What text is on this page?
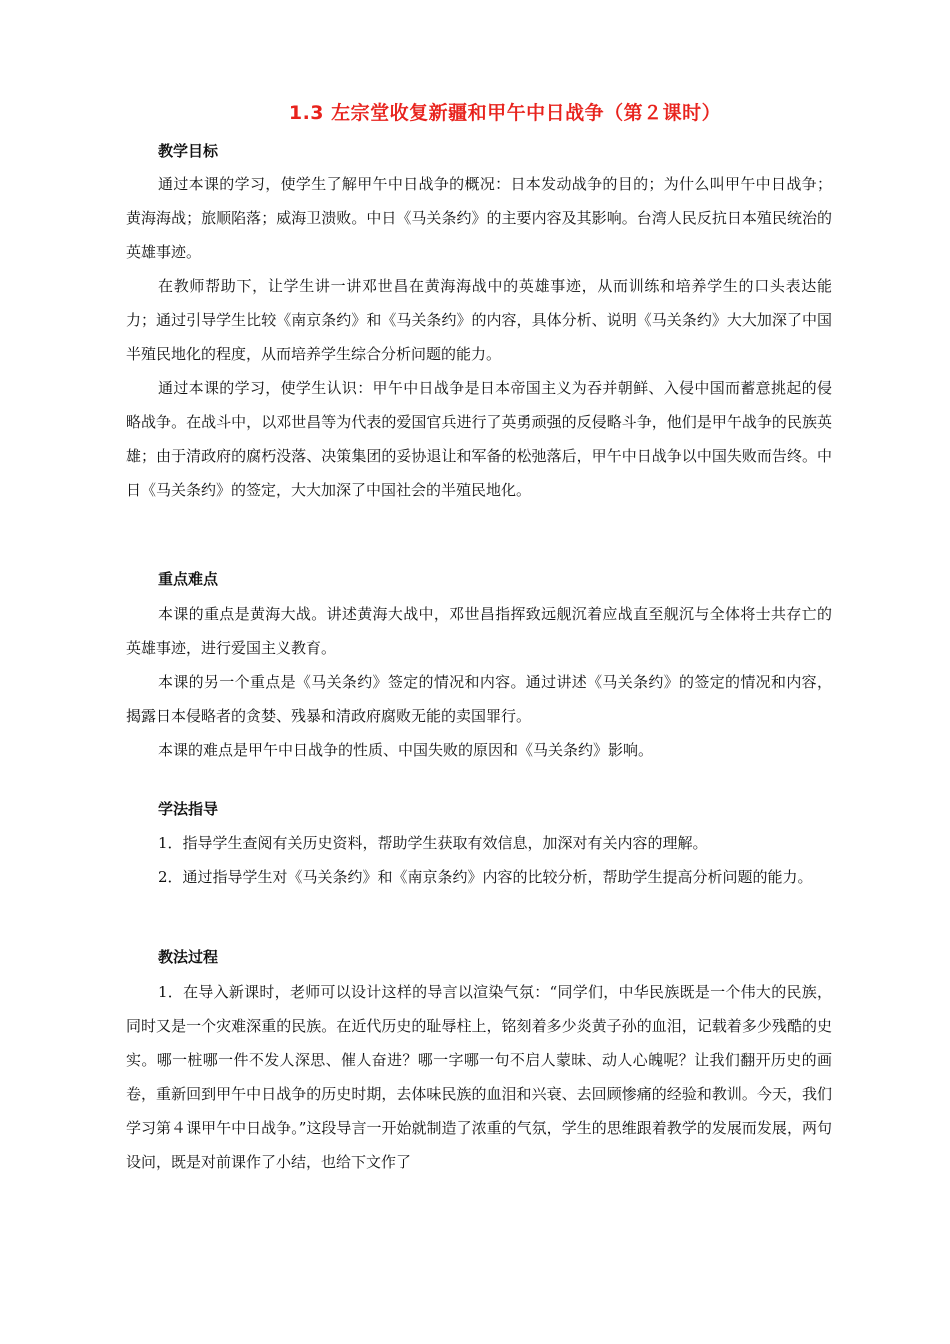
1.3 左宗堂收复新疆和甲午中日战争（第２课时）
教学目标

通过本课的学习，使学生了解甲午中日战争的概况：日本发动战争的目的；为什么叫甲午中日战争；黄海海战；旅顺陷落；威海卫溃败。中日《马关条约》的主要内容及其影响。台湾人民反抗日本殖民统治的英雄事迹。

在教师帮助下，让学生讲一讲邓世昌在黄海海战中的英雄事迹，从而训练和培养学生的口头表达能力；通过引导学生比较《南京条约》和《马关条约》的内容，具体分析、说明《马关条约》大大加深了中国半殖民地化的程度，从而培养学生综合分析问题的能力。

通过本课的学习，使学生认识：甲午中日战争是日本帝国主义为吞并朝鲜、入侵中国而蓄意挑起的侵略战争。在战斗中，以邓世昌等为代表的爱国官兵进行了英勇顽强的反侵略斗争，他们是甲午战争的民族英雄；由于清政府的腐朽没落、决策集团的妥协退让和军备的松弛落后，甲午中日战争以中国失败而告终。中日《马关条约》的签定，大大加深了中国社会的半殖民地化。

重点难点

本课的重点是黄海大战。讲述黄海大战中，邓世昌指挥致远舰沉着应战直至舰沉与全体将士共存亡的英雄事迹，进行爱国主义教育。

本课的另一个重点是《马关条约》签定的情况和内容。通过讲述《马关条约》的签定的情况和内容，揭露日本侵略者的贪婪、残暴和清政府腐败无能的卖国罪行。

本课的难点是甲午中日战争的性质、中国失败的原因和《马关条约》影响。

学法指导

1．指导学生查阅有关历史资料，帮助学生获取有效信息，加深对有关内容的理解。

2．通过指导学生对《马关条约》和《南京条约》内容的比较分析，帮助学生提高分析问题的能力。

教法过程

1．在导入新课时，老师可以设计这样的导言以渲染气氛：“同学们，中华民族既是一个伟大的民族，同时又是一个灾难深重的民族。在近代历史的耻辱柱上，铭刻着多少炎黄子孙的血泪，记载着多少残酷的史实。哪一桩哪一件不发人深思、催人奋进？哪一字哪一句不启人蒙昧、动人心魄呢？让我们翻开历史的画卷，重新回到甲午中日战争的历史时期，去体味民族的血泪和兴衰、去回顾惨痛的经验和教训。今天，我们学习第４课甲午中日战争。”这段导言一开始就制造了浓重的气氛，学生的思维跟着教学的发展而发展，两句设问，既是对前课作了小结，也给下文作了
